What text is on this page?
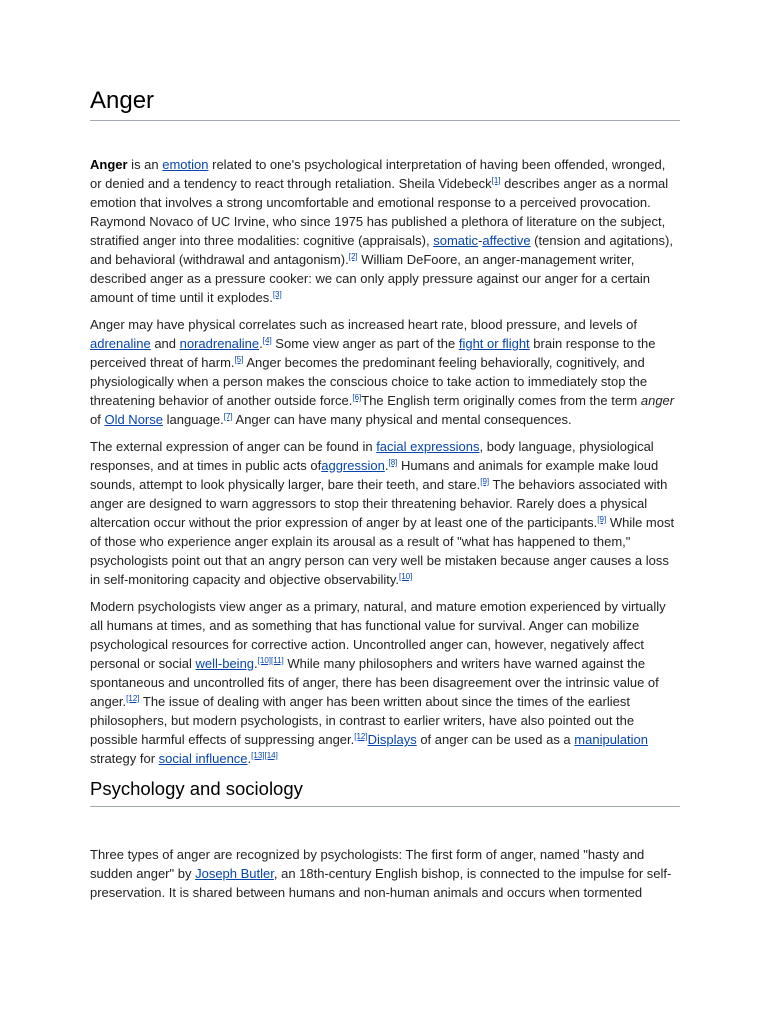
Anger

Anger is an emotion related to one's psychological interpretation of having been offended, wronged, or denied and a tendency to react through retaliation. Sheila Videbeck[1] describes anger as a normal emotion that involves a strong uncomfortable and emotional response to a perceived provocation. Raymond Novaco of UC Irvine, who since 1975 has published a plethora of literature on the subject, stratified anger into three modalities: cognitive (appraisals), somatic-affective (tension and agitations), and behavioral (withdrawal and antagonism).[2] William DeFoore, an anger-management writer, described anger as a pressure cooker: we can only apply pressure against our anger for a certain amount of time until it explodes.[3]

Anger may have physical correlates such as increased heart rate, blood pressure, and levels of adrenaline and noradrenaline.[4] Some view anger as part of the fight or flight brain response to the perceived threat of harm.[5] Anger becomes the predominant feeling behaviorally, cognitively, and physiologically when a person makes the conscious choice to take action to immediately stop the threatening behavior of another outside force.[6]The English term originally comes from the term anger of Old Norse language.[7] Anger can have many physical and mental consequences.

The external expression of anger can be found in facial expressions, body language, physiological responses, and at times in public acts ofaggression.[8] Humans and animals for example make loud sounds, attempt to look physically larger, bare their teeth, and stare.[9] The behaviors associated with anger are designed to warn aggressors to stop their threatening behavior. Rarely does a physical altercation occur without the prior expression of anger by at least one of the participants.[9] While most of those who experience anger explain its arousal as a result of "what has happened to them," psychologists point out that an angry person can very well be mistaken because anger causes a loss in self-monitoring capacity and objective observability.[10]

Modern psychologists view anger as a primary, natural, and mature emotion experienced by virtually all humans at times, and as something that has functional value for survival. Anger can mobilize psychological resources for corrective action. Uncontrolled anger can, however, negatively affect personal or social well-being.[10][11] While many philosophers and writers have warned against the spontaneous and uncontrolled fits of anger, there has been disagreement over the intrinsic value of anger.[12] The issue of dealing with anger has been written about since the times of the earliest philosophers, but modern psychologists, in contrast to earlier writers, have also pointed out the possible harmful effects of suppressing anger.[12]Displays of anger can be used as a manipulation strategy for social influence.[13][14]

Psychology and sociology

Three types of anger are recognized by psychologists: The first form of anger, named "hasty and sudden anger" by Joseph Butler, an 18th-century English bishop, is connected to the impulse for self-preservation. It is shared between humans and non-human animals and occurs when tormented
